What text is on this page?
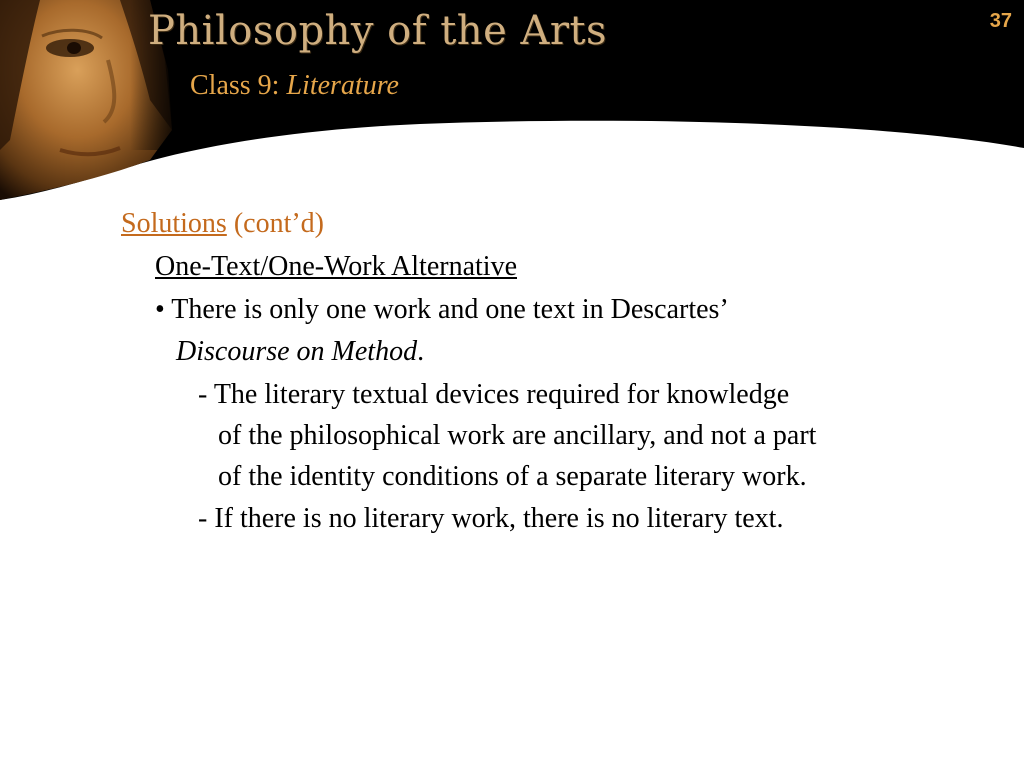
Philosophy of the Arts
Class 9: Literature
37
Solutions (cont’d)
One-Text/One-Work Alternative
• There is only one work and one text in Descartes’
Discourse on Method.
- The literary textual devices required for knowledge
of the philosophical work are ancillary, and not a part
of the identity conditions of a separate literary work.
- If there is no literary work, there is no literary text.
